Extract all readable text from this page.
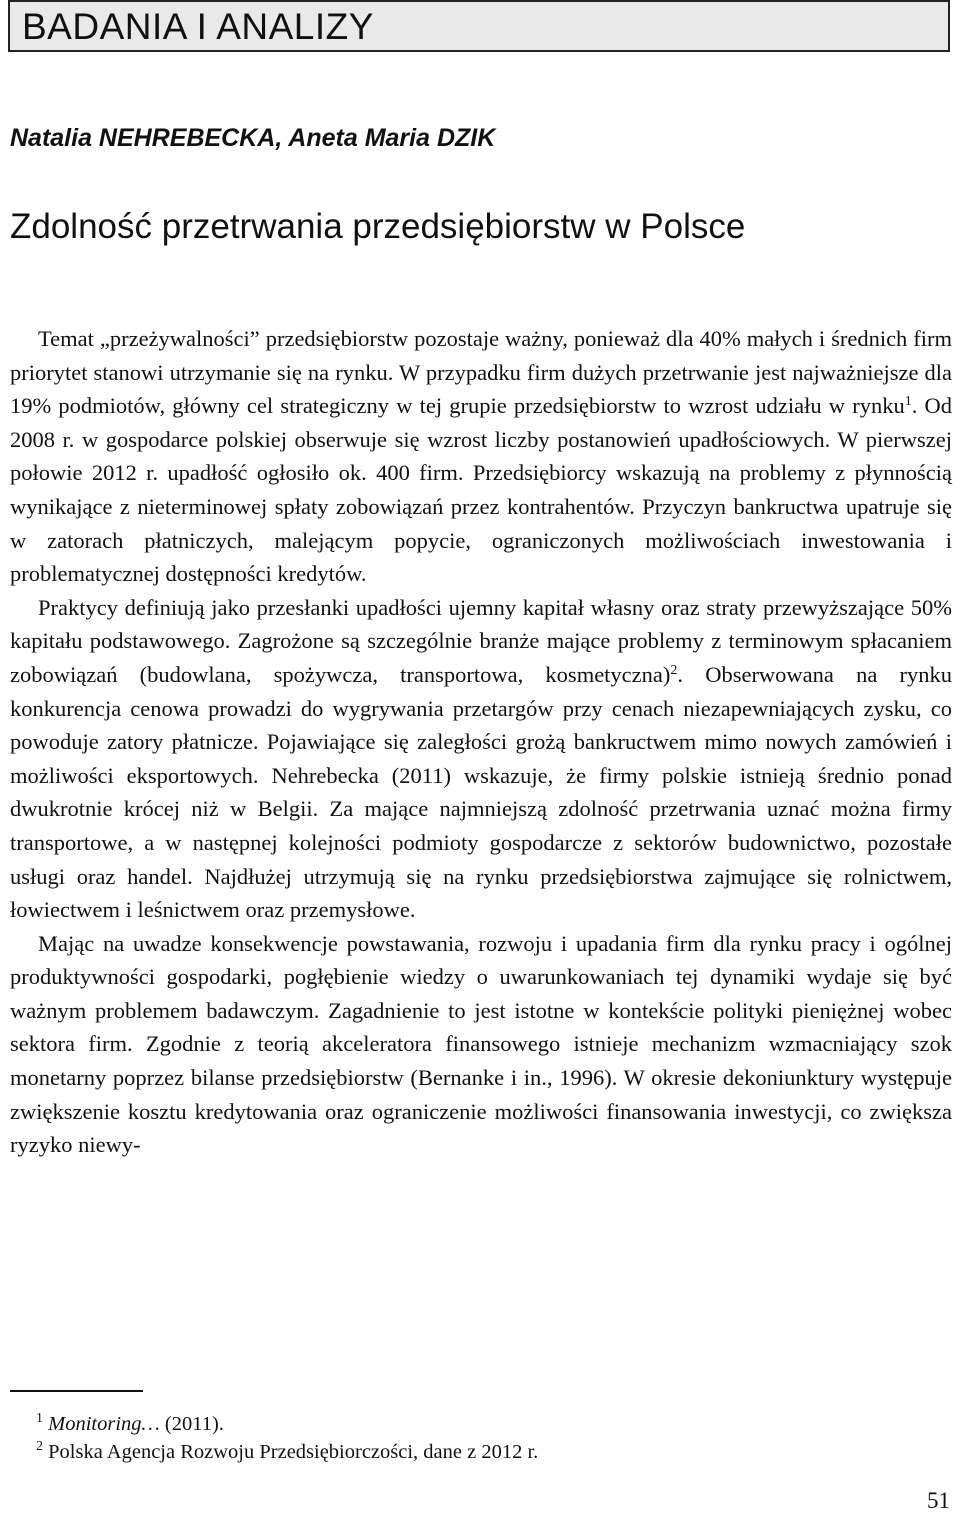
BADANIA I ANALIZY
Natalia NEHREBECKA, Aneta Maria DZIK
Zdolność przetrwania przedsiębiorstw w Polsce

Temat „przeżywalności” przedsiębiorstw pozostaje ważny, ponieważ dla 40% małych i średnich firm priorytet stanowi utrzymanie się na rynku. W przypadku firm dużych przetrwanie jest najważniejsze dla 19% podmiotów, główny cel strategiczny w tej grupie przedsiębiorstw to wzrost udziału w rynku$^1$. Od 2008 r. w gospodarce polskiej obserwuje się wzrost liczby postanowień upadłościowych. W pierwszej połowie 2012 r. upadłość ogłosiło ok. 400 firm. Przedsiębiorcy wskazują na problemy z płynnością wynikające z nieterminowej spłaty zobowiązań przez kontrahentów. Przyczyn bankructwa upatruje się w zatorach płatniczych, malejącym popycie, ograniczonych możliwościach inwestowania i problematycznej dostępności kredytów.

Praktycy definiują jako przesłanki upadłości ujemny kapitał własny oraz straty przewyższające 50% kapitału podstawowego. Zagrożone są szczególnie branże mające problemy z terminowym spłacaniem zobowiązań (budowlana, spożywcza, transportowa, kosmetyczna)$^2$. Obserwowana na rynku konkurencja cenowa prowadzi do wygrywania przetargów przy cenach niezapewniających zysku, co powoduje zatory płatnicze. Pojawiające się zaległości grożą bankructwem mimo nowych zamówień i możliwości eksportowych. Nehrebecka (2011) wskazuje, że firmy polskie istnieją średnio ponad dwukrotnie krócej niż w Belgii. Za mające najmniejszą zdolność przetrwania uznać można firmy transportowe, a w następnej kolejności podmioty gospodarcze z sektorów budownictwo, pozostałe usługi oraz handel. Najdłużej utrzymują się na rynku przedsiębiorstwa zajmujące się rolnictwem, łowiectwem i leśnictwem oraz przemysłowe.

Mając na uwadze konsekwencje powstawania, rozwoju i upadania firm dla rynku pracy i ogólnej produktywności gospodarki, pogłębienie wiedzy o uwarunkowaniach tej dynamiki wydaje się być ważnym problemem badawczym. Zagadnienie to jest istotne w kontekście polityki pieniężnej wobec sektora firm. Zgodnie z teorią akceleratora finansowego istnieje mechanizm wzmacniający szok monetarny poprzez bilanse przedsiębiorstw (Bernanke i in., 1996). W okresie dekoniunktury występuje zwiększenie kosztu kredytowania oraz ograniczenie możliwości finansowania inwestycji, co zwiększa ryzyko niewy-

$^1$ Monitoring… (2011).
$^2$ Polska Agencja Rozwoju Przedsiębiorczości, dane z 2012 r.
51
